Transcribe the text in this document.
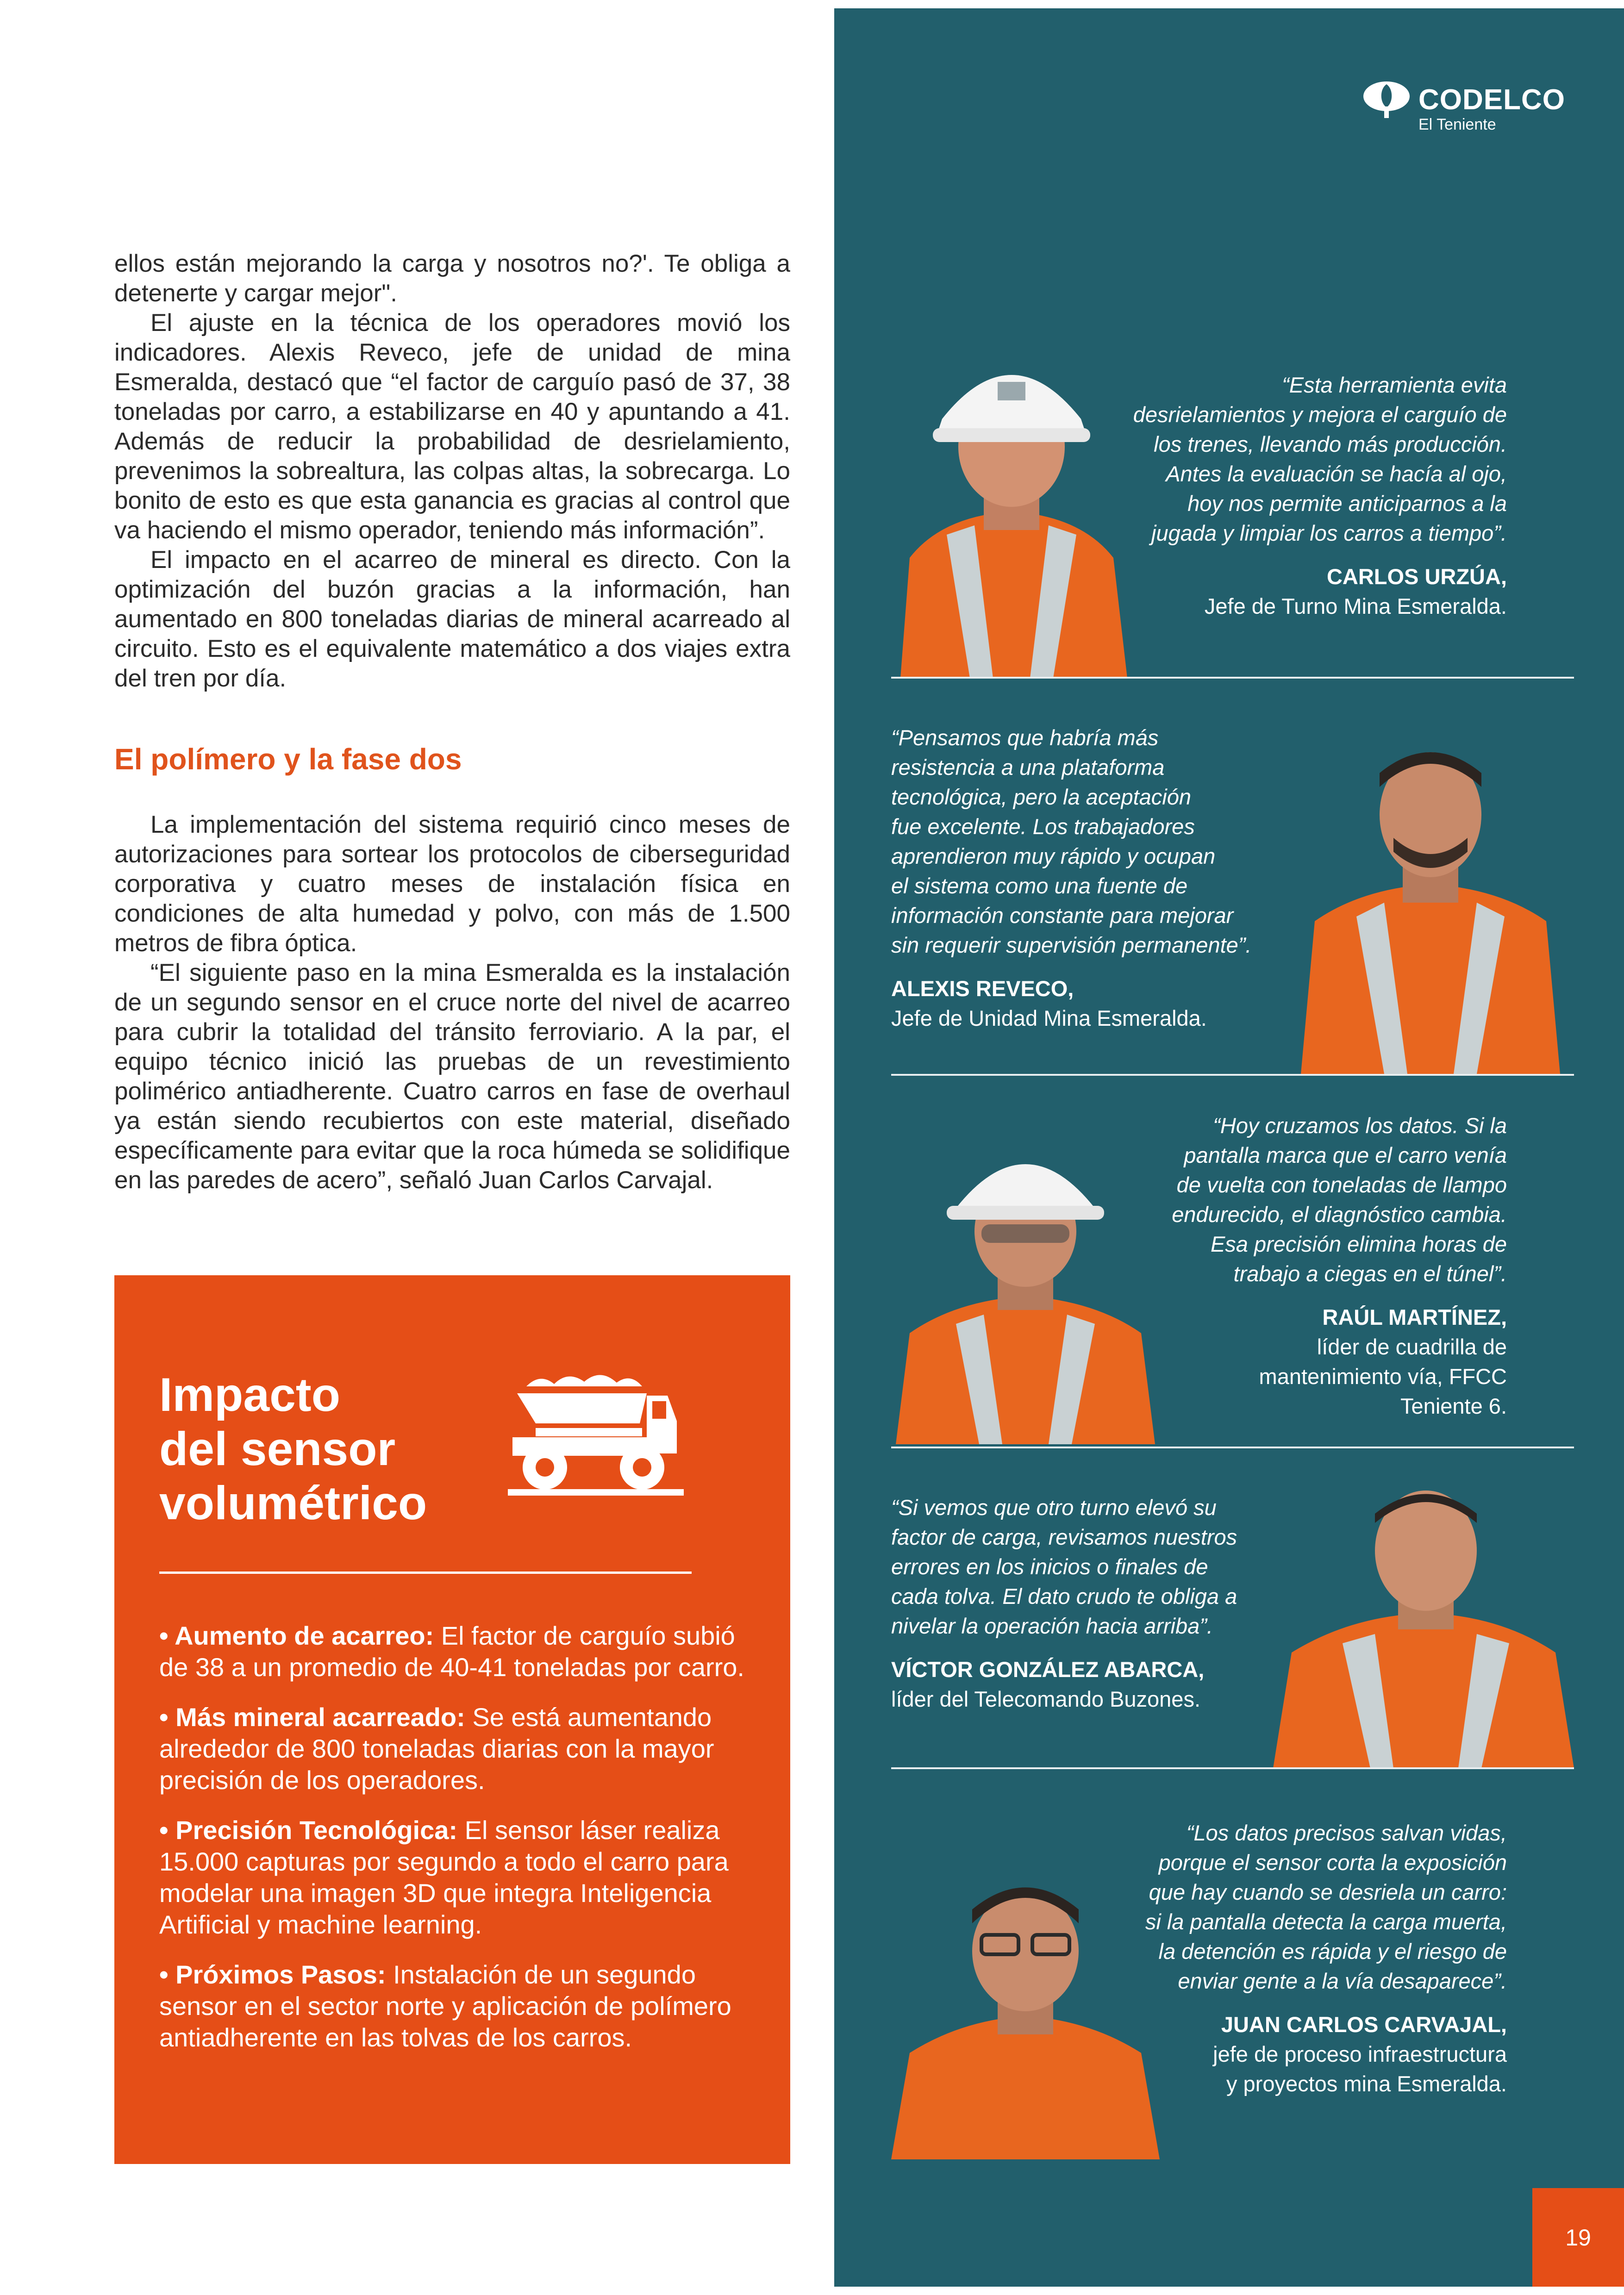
ellos están mejorando la carga y nosotros no?'. Te obliga a detenerte y cargar mejor".

El ajuste en la técnica de los operadores movió los indicadores. Alexis Reveco, jefe de unidad de mina Esmeralda, destacó que “el factor de carguío pasó de 37, 38 toneladas por carro, a estabilizarse en 40 y apuntando a 41. Además de reducir la probabilidad de desrielamiento, prevenimos la sobrealtura, las colpas altas, la sobrecarga. Lo bonito de esto es que esta ganancia es gracias al control que va haciendo el mismo operador, teniendo más información”.

El impacto en el acarreo de mineral es directo. Con la optimización del buzón gracias a la información, han aumentado en 800 toneladas diarias de mineral acarreado al circuito. Esto es el equivalente matemático a dos viajes extra del tren por día.

El polímero y la fase dos

La implementación del sistema requirió cinco meses de autorizaciones para sortear los protocolos de ciberseguridad corporativa y cuatro meses de instalación física en condiciones de alta humedad y polvo, con más de 1.500 metros de fibra óptica.

“El siguiente paso en la mina Esmeralda es la instalación de un segundo sensor en el cruce norte del nivel de acarreo para cubrir la totalidad del tránsito ferroviario. A la par, el equipo técnico inició las pruebas de un revestimiento polimérico antiadherente. Cuatro carros en fase de overhaul ya están siendo recubiertos con este material, diseñado específicamente para evitar que la roca húmeda se solidifique en las paredes de acero”, señaló Juan Carlos Carvajal.

Impacto
del sensor
volumétrico
• Aumento de acarreo: El factor de carguío subió de 38 a un promedio de 40-41 toneladas por carro.
• Más mineral acarreado: Se está aumentando alrededor de 800 toneladas diarias con la mayor precisión de los operadores.
• Precisión Tecnológica: El sensor láser realiza 15.000 capturas por segundo a todo el carro para modelar una imagen 3D que integra Inteligencia Artificial y machine learning.
• Próximos Pasos: Instalación de un segundo sensor en el sector norte y aplicación de polímero antiadherente en las tolvas de los carros.
CODELCO
El Teniente
“Esta herramienta evita
desrielamientos y mejora el carguío de
los trenes, llevando más producción.
Antes la evaluación se hacía al ojo,
hoy nos permite anticiparnos a la
jugada y limpiar los carros a tiempo”.
CARLOS URZÚA,
Jefe de Turno Mina Esmeralda.
“Pensamos que habría más
resistencia a una plataforma
tecnológica, pero la aceptación
fue excelente. Los trabajadores
aprendieron muy rápido y ocupan
el sistema como una fuente de
información constante para mejorar
sin requerir supervisión permanente”.
ALEXIS REVECO,
Jefe de Unidad Mina Esmeralda.
“Hoy cruzamos los datos. Si la
pantalla marca que el carro venía
de vuelta con toneladas de llampo
endurecido, el diagnóstico cambia.
Esa precisión elimina horas de
trabajo a ciegas en el túnel”.
RAÚL MARTÍNEZ,
líder de cuadrilla de
mantenimiento vía, FFCC
Teniente 6.
“Si vemos que otro turno elevó su
factor de carga, revisamos nuestros
errores en los inicios o finales de
cada tolva. El dato crudo te obliga a
nivelar la operación hacia arriba”.
VÍCTOR GONZÁLEZ ABARCA,
líder del Telecomando Buzones.
“Los datos precisos salvan vidas,
porque el sensor corta la exposición
que hay cuando se desriela un carro:
si la pantalla detecta la carga muerta,
la detención es rápida y el riesgo de
enviar gente a la vía desaparece”.
JUAN CARLOS CARVAJAL,
jefe de proceso infraestructura
y proyectos mina Esmeralda.
19
